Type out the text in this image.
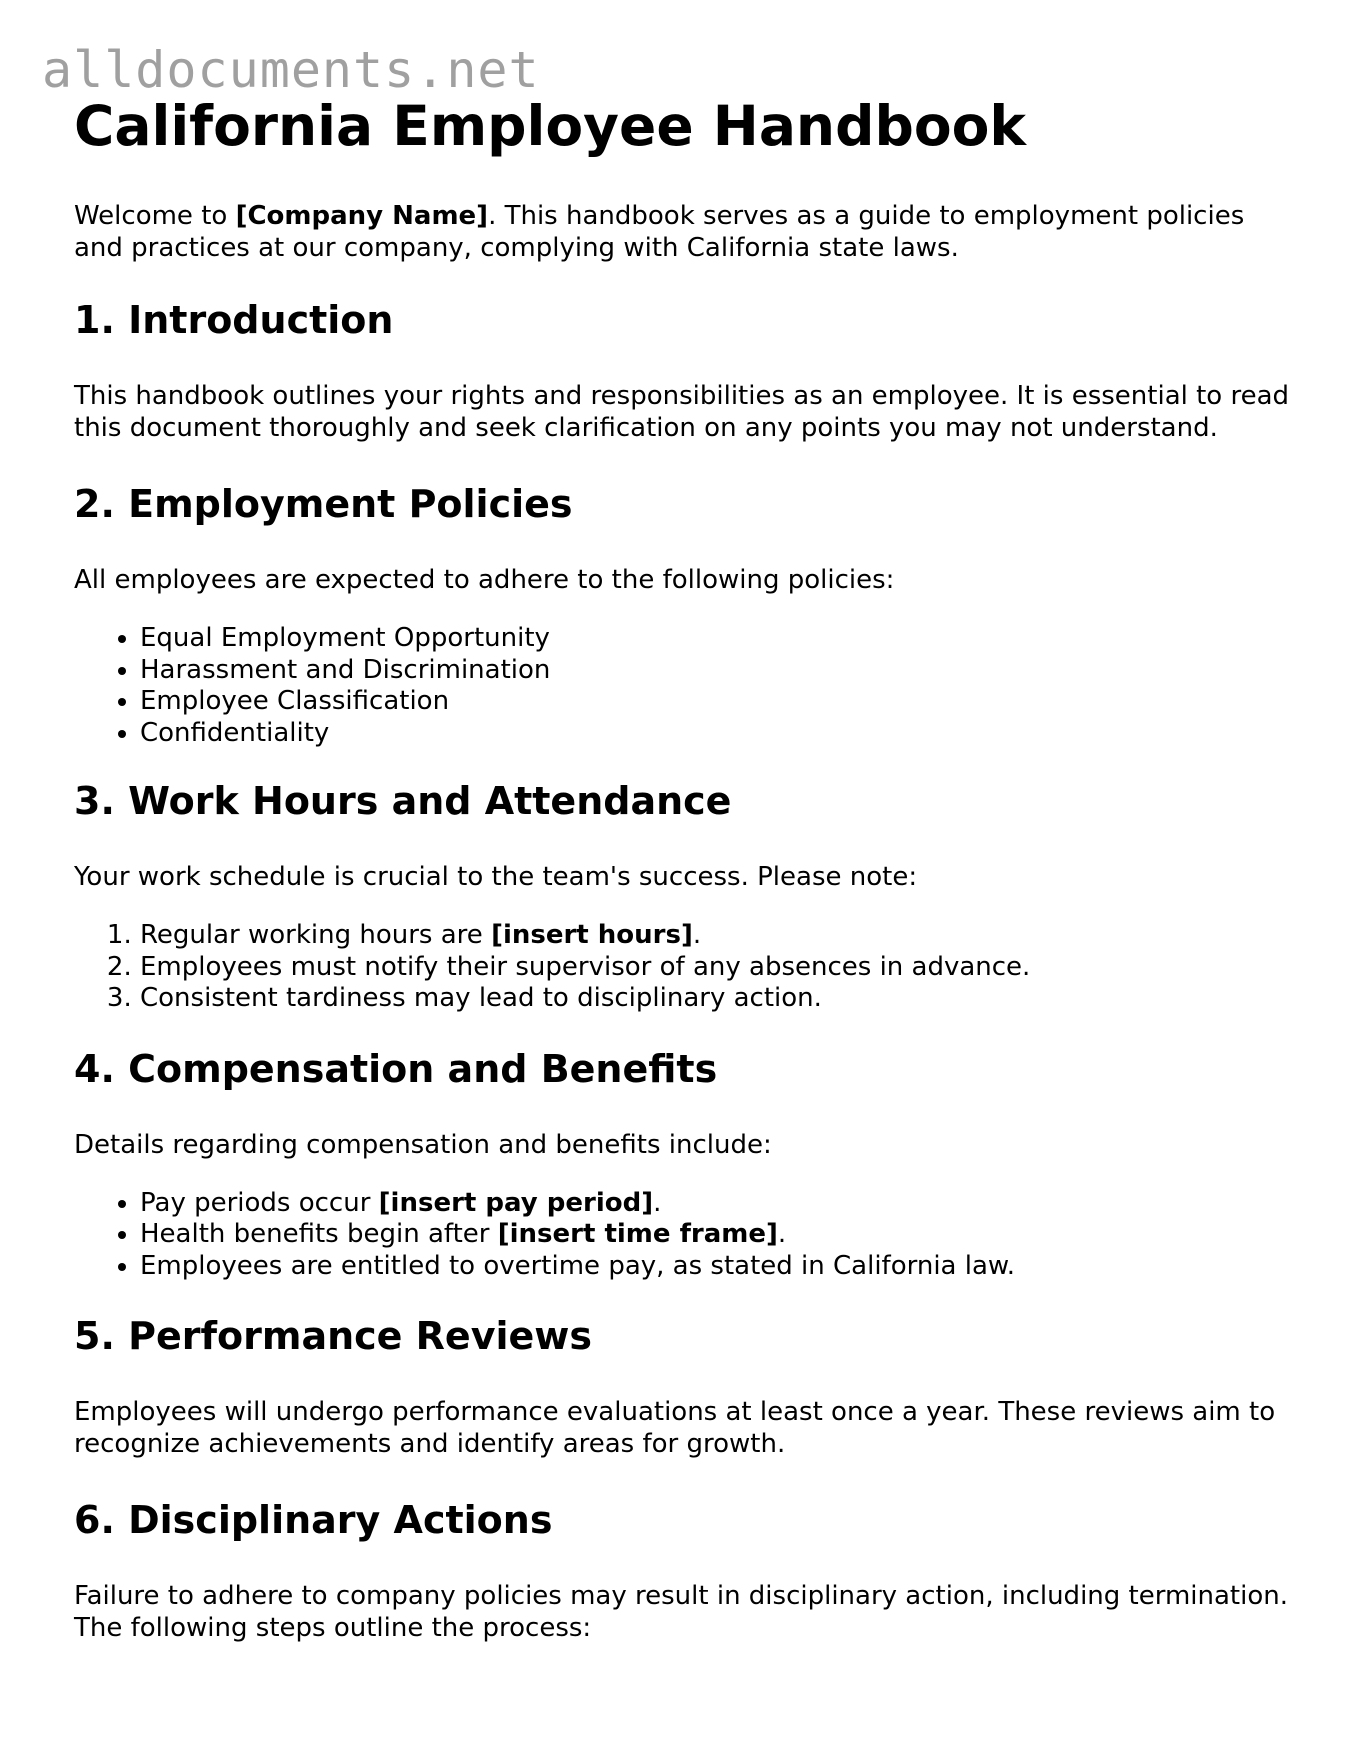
alldocuments.net
California Employee Handbook

Welcome to [Company Name]. This handbook serves as a guide to employment policies and practices at our company, complying with California state laws.

1. Introduction

This handbook outlines your rights and responsibilities as an employee. It is essential to read this document thoroughly and seek clarification on any points you may not understand.

2. Employment Policies

All employees are expected to adhere to the following policies:

• Equal Employment Opportunity
• Harassment and Discrimination
• Employee Classification
• Confidentiality
3. Work Hours and Attendance

Your work schedule is crucial to the team's success. Please note:

1. Regular working hours are [insert hours].
2. Employees must notify their supervisor of any absences in advance.
3. Consistent tardiness may lead to disciplinary action.
4. Compensation and Benefits

Details regarding compensation and benefits include:

• Pay periods occur [insert pay period].
• Health benefits begin after [insert time frame].
• Employees are entitled to overtime pay, as stated in California law.
5. Performance Reviews

Employees will undergo performance evaluations at least once a year. These reviews aim to recognize achievements and identify areas for growth.

6. Disciplinary Actions

Failure to adhere to company policies may result in disciplinary action, including termination. The following steps outline the process:
